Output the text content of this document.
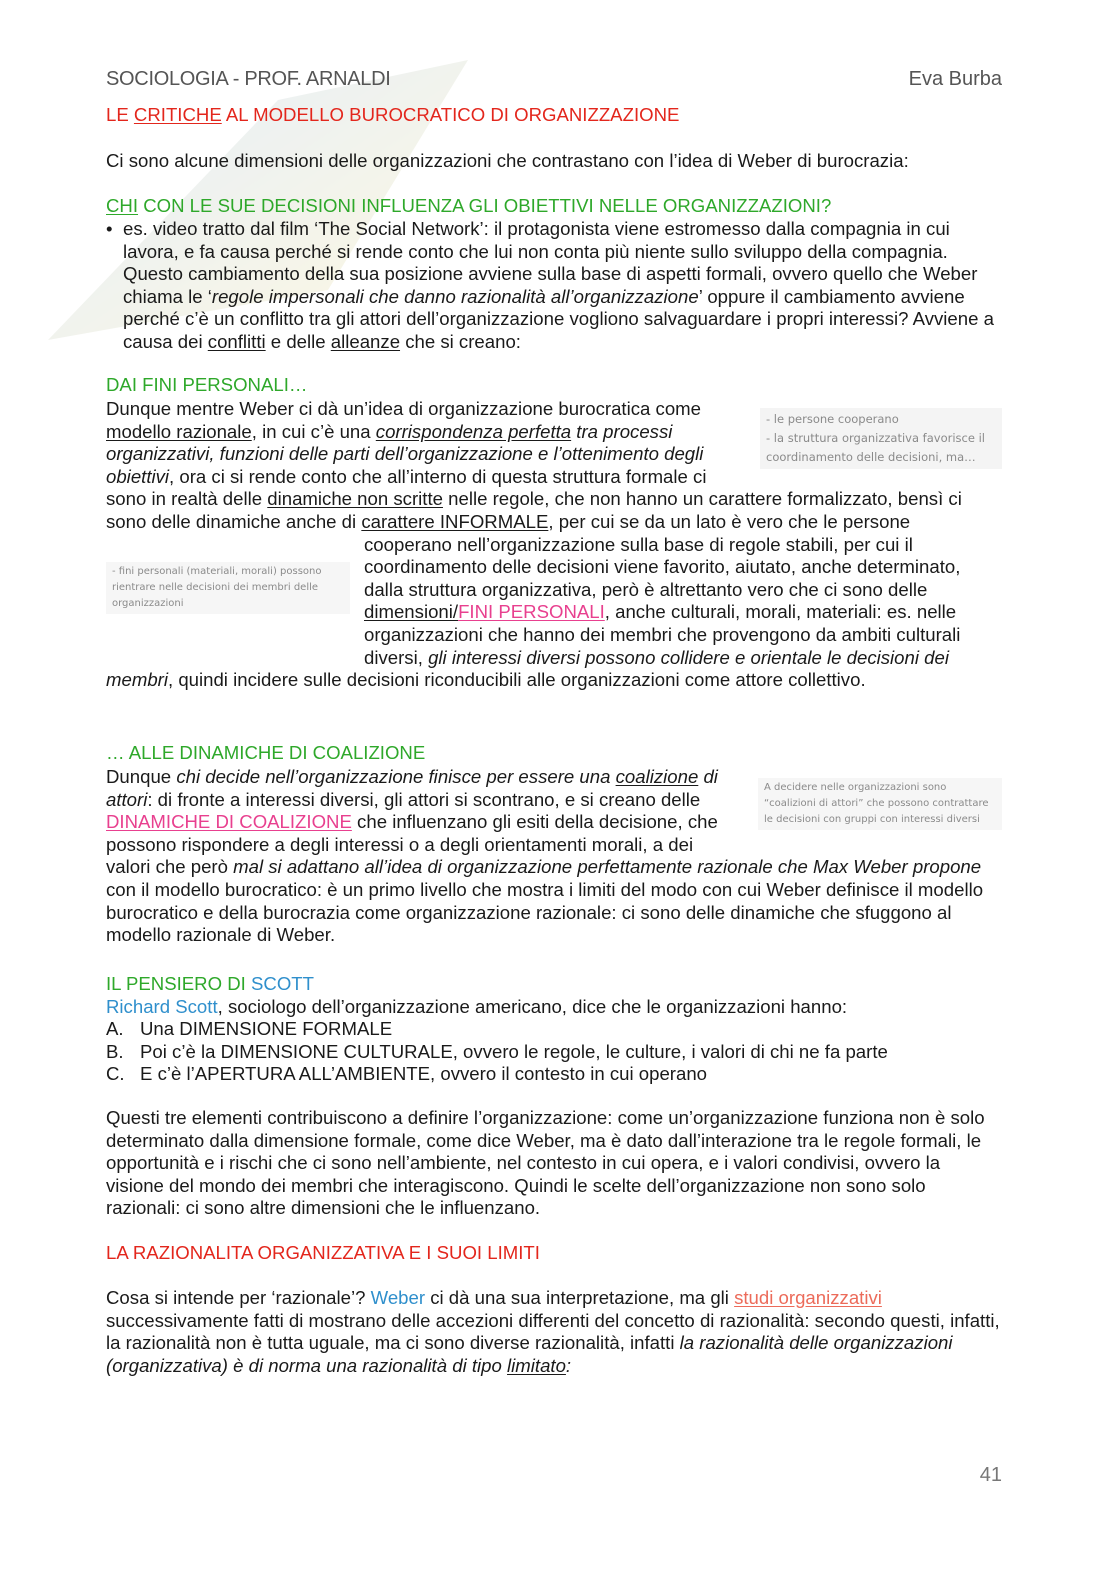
SOCIOLOGIA - PROF. ARNALDI	Eva Burba
LE CRITICHE AL MODELLO BUROCRATICO DI ORGANIZZAZIONE
Ci sono alcune dimensioni delle organizzazioni che contrastano con l’idea di Weber di burocrazia:
CHI CON LE SUE DECISIONI INFLUENZA GLI OBIETTIVI NELLE ORGANIZZAZIONI?
• es. video tratto dal film ‘The Social Network’: il protagonista viene estromesso dalla compagnia in cui lavora, e fa causa perché si rende conto che lui non conta più niente sullo sviluppo della compagnia. Questo cambiamento della sua posizione avviene sulla base di aspetti formali, ovvero quello che Weber chiama le ‘regole impersonali che danno razionalità all’organizzazione’ oppure il cambiamento avviene perché c’è un conflitto tra gli attori dell’organizzazione vogliono salvaguardare i propri interessi? Avviene a causa dei conflitti e delle alleanze che si creano:
DAI FINI PERSONALI…
- le persone cooperano
- la struttura organizzativa favorisce il coordinamento delle decisioni, ma…
- fini personali (materiali, morali) possono rientrare nelle decisioni dei membri delle organizzazioni
Dunque mentre Weber ci dà un’idea di organizzazione burocratica come modello razionale, in cui c’è una corrispondenza perfetta tra processi organizzativi, funzioni delle parti dell’organizzazione e l’ottenimento degli obiettivi, ora ci si rende conto che all’interno di questa struttura formale ci sono in realtà delle dinamiche non scritte nelle regole, che non hanno un carattere formalizzato, bensì ci sono delle dinamiche anche di carattere INFORMALE, per cui se da un lato è vero che le persone cooperano nell’organizzazione sulla base di regole stabili, per cui il coordinamento delle decisioni viene favorito, aiutato, anche determinato, dalla struttura organizzativa, però è altrettanto vero che ci sono delle dimensioni/FINI PERSONALI, anche culturali, morali, materiali: es. nelle organizzazioni che hanno dei membri che provengono da ambiti culturali diversi, gli interessi diversi possono collidere e orientale le decisioni dei membri, quindi incidere sulle decisioni riconducibili alle organizzazioni come attore collettivo.
… ALLE DINAMICHE DI COALIZIONE
A decidere nelle organizzazioni sono “coalizioni di attori” che possono contrattare le decisioni con gruppi con interessi diversi
Dunque chi decide nell’organizzazione finisce per essere una coalizione di attori: di fronte a interessi diversi, gli attori si scontrano, e si creano delle DINAMICHE DI COALIZIONE che influenzano gli esiti della decisione, che possono rispondere a degli interessi o a degli orientamenti morali, a dei valori che però mal si adattano all’idea di organizzazione perfettamente razionale che Max Weber propone con il modello burocratico: è un primo livello che mostra i limiti del modo con cui Weber definisce il modello burocratico e della burocrazia come organizzazione razionale: ci sono delle dinamiche che sfuggono al modello razionale di Weber.
IL PENSIERO DI SCOTT
Richard Scott, sociologo dell’organizzazione americano, dice che le organizzazioni hanno:
A. Una DIMENSIONE FORMALE
B. Poi c’è la DIMENSIONE CULTURALE, ovvero le regole, le culture, i valori di chi ne fa parte
C. E c’è l’APERTURA ALL’AMBIENTE, ovvero il contesto in cui operano
Questi tre elementi contribuiscono a definire l’organizzazione: come un’organizzazione funziona non è solo determinato dalla dimensione formale, come dice Weber, ma è dato dall’interazione tra le regole formali, le opportunità e i rischi che ci sono nell’ambiente, nel contesto in cui opera, e i valori condivisi, ovvero la visione del mondo dei membri che interagiscono. Quindi le scelte dell’organizzazione non sono solo razionali: ci sono altre dimensioni che le influenzano.
LA RAZIONALITA ORGANIZZATIVA E I SUOI LIMITI
Cosa si intende per ‘razionale’? Weber ci dà una sua interpretazione, ma gli studi organizzativi successivamente fatti di mostrano delle accezioni differenti del concetto di razionalità: secondo questi, infatti, la razionalità non è tutta uguale, ma ci sono diverse razionalità, infatti la razionalità delle organizzazioni (organizzativa) è di norma una razionalità di tipo limitato:
41
